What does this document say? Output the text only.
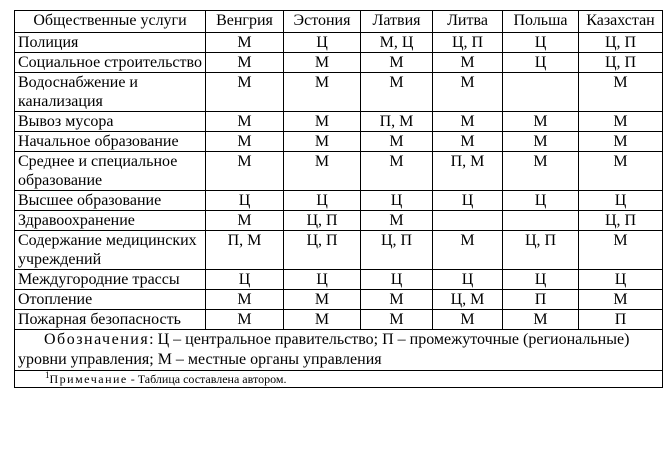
Общественные услуги	Венгрия	Эстония	Латвия	Литва	Польша	Казахстан
Полиция	М	Ц	М, Ц	Ц, П	Ц	Ц, П
Социальное строительство	М	М	М	М	Ц	Ц, П
Водоснабжение и канализация	М	М	М	М		М
Вывоз мусора	М	М	П, М	М	М	М
Начальное образование	М	М	М	М	М	М
Среднее и специальное образование	М	М	М	П, М	М	М
Высшее образование	Ц	Ц	Ц	Ц	Ц	Ц
Здравоохранение	М	Ц, П	М			Ц, П
Содержание медицинских учреждений	П, М	Ц, П	Ц, П	М	Ц, П	М
Междугородние трассы	Ц	Ц	Ц	Ц	Ц	Ц
Отопление	М	М	М	Ц, М	П	М
Пожарная безопасность	М	М	М	М	М	П

Обозначения: Ц – центральное правительство; П – промежуточные (региональные) уровни управления; М – местные органы управления						

$^1$Примечание - Таблица составлена автором.						
